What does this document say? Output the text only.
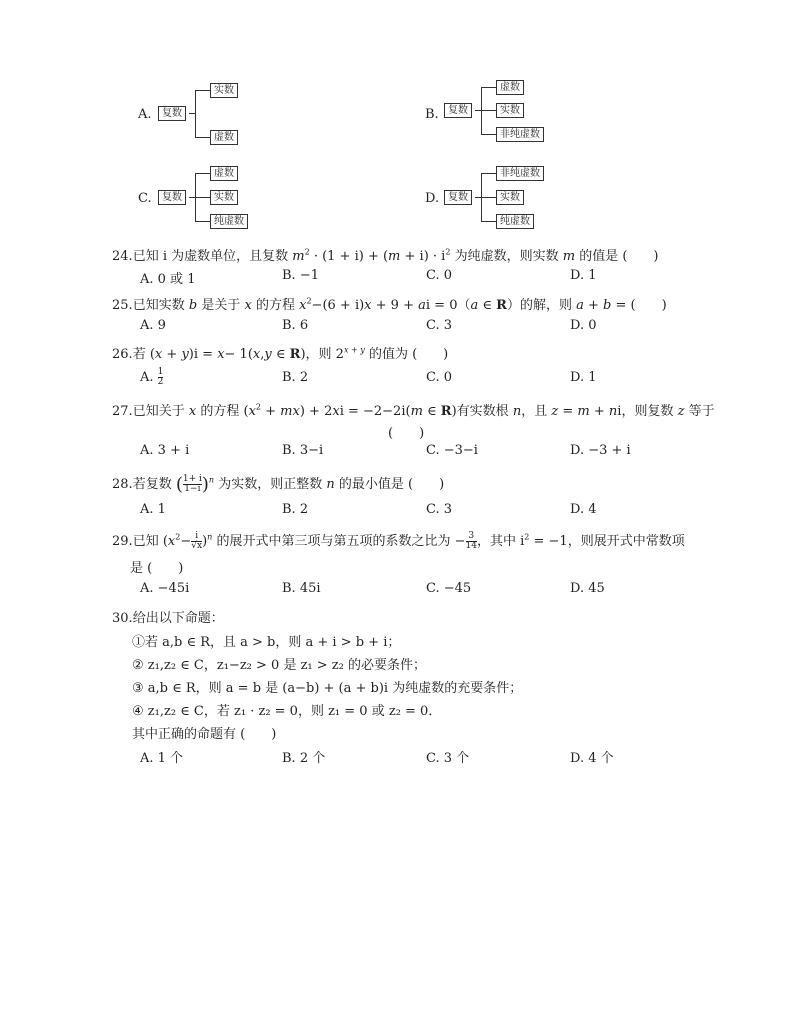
A.	复数
实数
虚数
B. 复数
虚数
实数
非纯虚数
C.	复数
虚数
实数
纯虚数
D. 复数
非纯虚数
实数
纯虚数
24.已知 i 为虚数单位，且复数 $m^2 \cdot (1 + i) + (m + i) \cdot i^2$ 为纯虚数，则实数 m 的值是 (　　)
A. 0 或 1	B. −1	C. 0	D. 1
25.已知实数 b 是关于 x 的方程 $x^2-(6 + i)x + 9$ + ai = 0（a ∈ R）的解，则 a + b = (　　)
A. 9	B. 6	C. 3	D. 0
26.若 (x + y)i = x− 1(x,y ∈ R)，则 $2^{x + y}$ 的值为 (　　)
A. $\frac{1}{2}$	B. 2	C. 0	D. 1
27.已知关于 x 的方程 $(x^2 + mx) + 2xi = -2-2i(m$ ∈ R)有实数根 n，且 z = m + ni，则复数 z 等于
(　　)
A. 3 + i	B. 3−i	C. −3−i	D. −3 + i
28.若复数 ( $\frac{1+ i}{1-i} )^n$ 为实数，则正整数 n 的最小值是 (　　)
A. 1	B. 2	C. 3	D. 4
29.已知 $(x^2- \frac{i}{√x} )^n$ 的展开式中第三项与第五项的系数之比为 − $\frac{3}{14}$ ，其中 $i^2 = -1$，则展开式中常数项
是 (　　)
A. −45i	B. 45i	C. −45	D. 45
30.给出以下命题：
①若 a,b ∈ R，且 a > b，则 a + i > b + i；
② z₁,z₂ ∈ C，z₁−z₂ > 0 是 z₁ > z₂ 的必要条件；
③ a,b ∈ R，则 a = b 是 (a−b) + (a + b)i 为纯虚数的充要条件；
④ z₁,z₂ ∈ C，若 z₁ · z₂ = 0，则 z₁ = 0 或 z₂ = 0．
其中正确的命题有 (　　)
A. 1 个	B. 2 个	C. 3 个	D. 4 个
